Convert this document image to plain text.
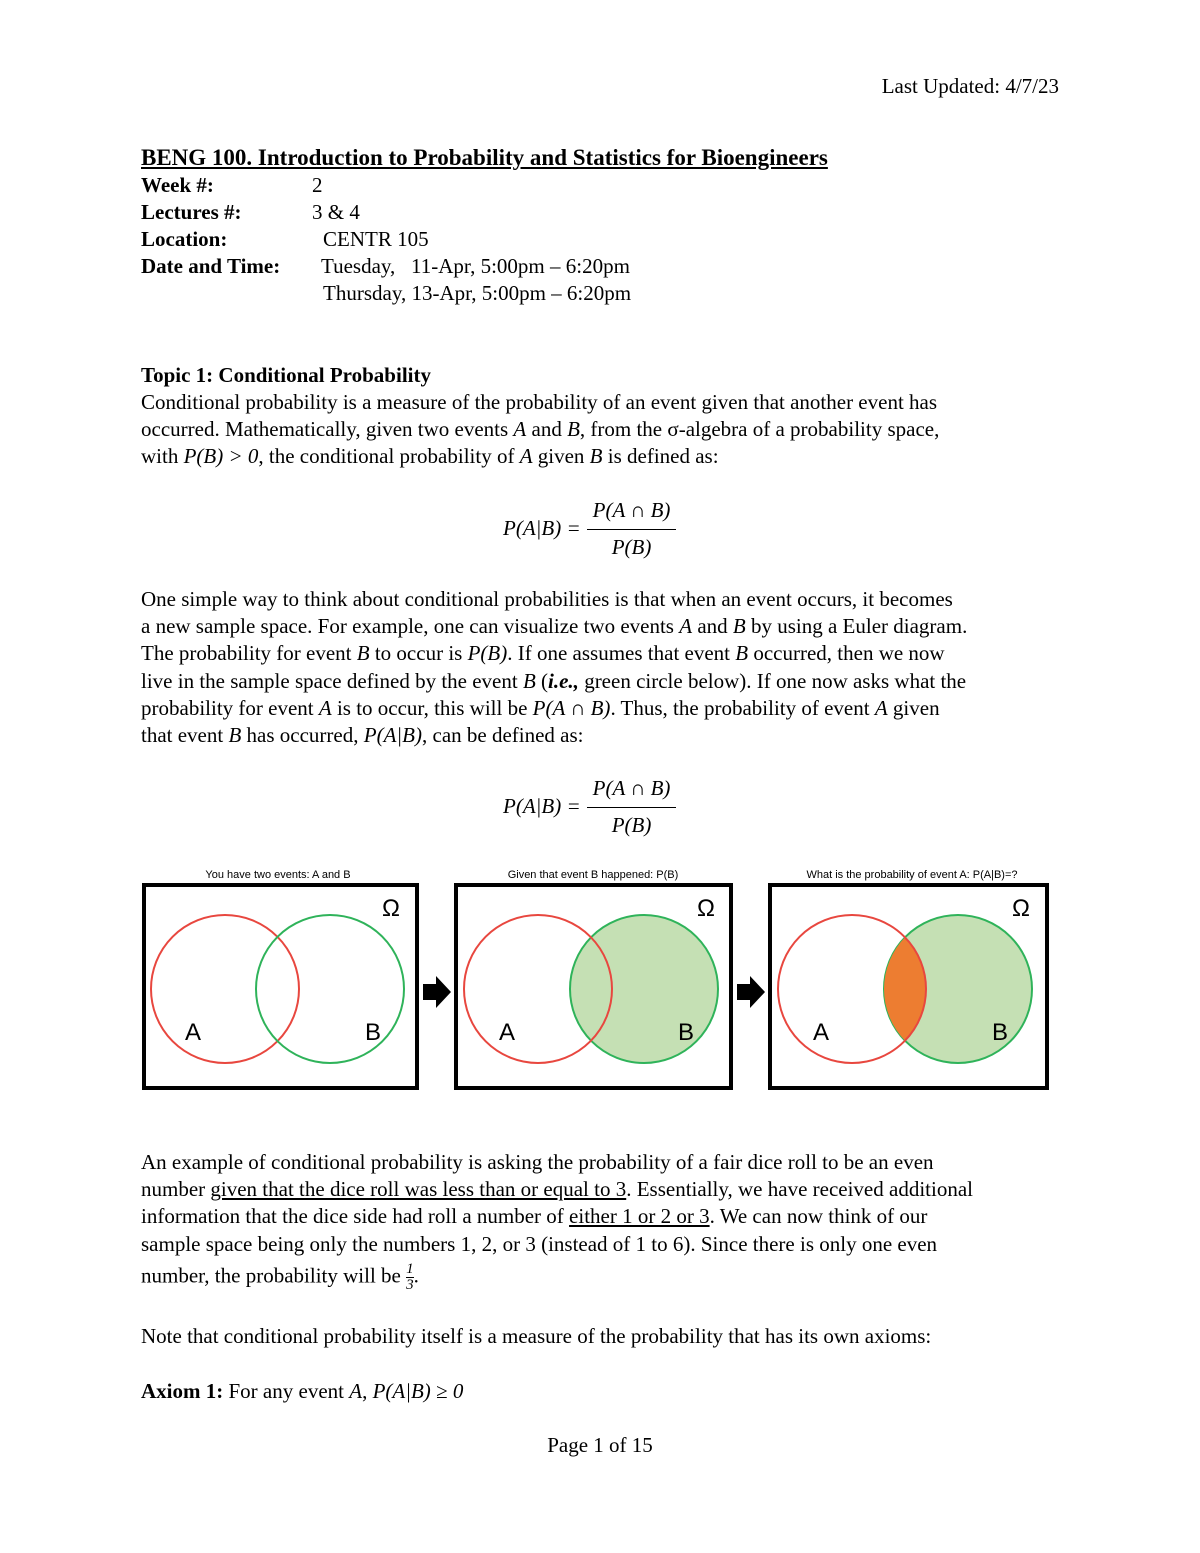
Last Updated: 4/7/23
BENG 100. Introduction to Probability and Statistics for Bioengineers
Week #:	2
Lectures #:	3 & 4
Location:	CENTR 105
Date and Time: Tuesday,   11-Apr, 5:00pm – 6:20pm
Thursday, 13-Apr, 5:00pm – 6:20pm
Topic 1: Conditional Probability
Conditional probability is a measure of the probability of an event given that another event has
occurred. Mathematically, given two events A and B, from the σ-algebra of a probability space,
with P(B) > 0, the conditional probability of A given B is defined as:
$P(A|B) = \frac{P(A \cap B)}{P(B)}$
One simple way to think about conditional probabilities is that when an event occurs, it becomes
a new sample space. For example, one can visualize two events A and B by using a Euler diagram.
The probability for event B to occur is P(B). If one assumes that event B occurred, then we now
live in the sample space defined by the event B (i.e., green circle below). If one now asks what the
probability for event A is to occur, this will be P(A ∩ B). Thus, the probability of event A given
that event B has occurred, P(A|B), can be defined as:
$P(A|B) = \frac{P(A \cap B)}{P(B)}$
You have two events: A and B	Given that event B happened: P(B)	What is the probability of event A: P(A|B)=?
Ω
A	B
Ω
A	B
Ω
A	B
An example of conditional probability is asking the probability of a fair dice roll to be an even
number given that the dice roll was less than or equal to 3. Essentially, we have received additional
information that the dice side had roll a number of either 1 or 2 or 3. We can now think of our
sample space being only the numbers 1, 2, or 3 (instead of 1 to 6). Since there is only one even
number, the probability will be $\frac{1}{3}$ .
Note that conditional probability itself is a measure of the probability that has its own axioms:
Axiom 1: For any event A, P(A|B) ≥ 0
Page 1 of 15
